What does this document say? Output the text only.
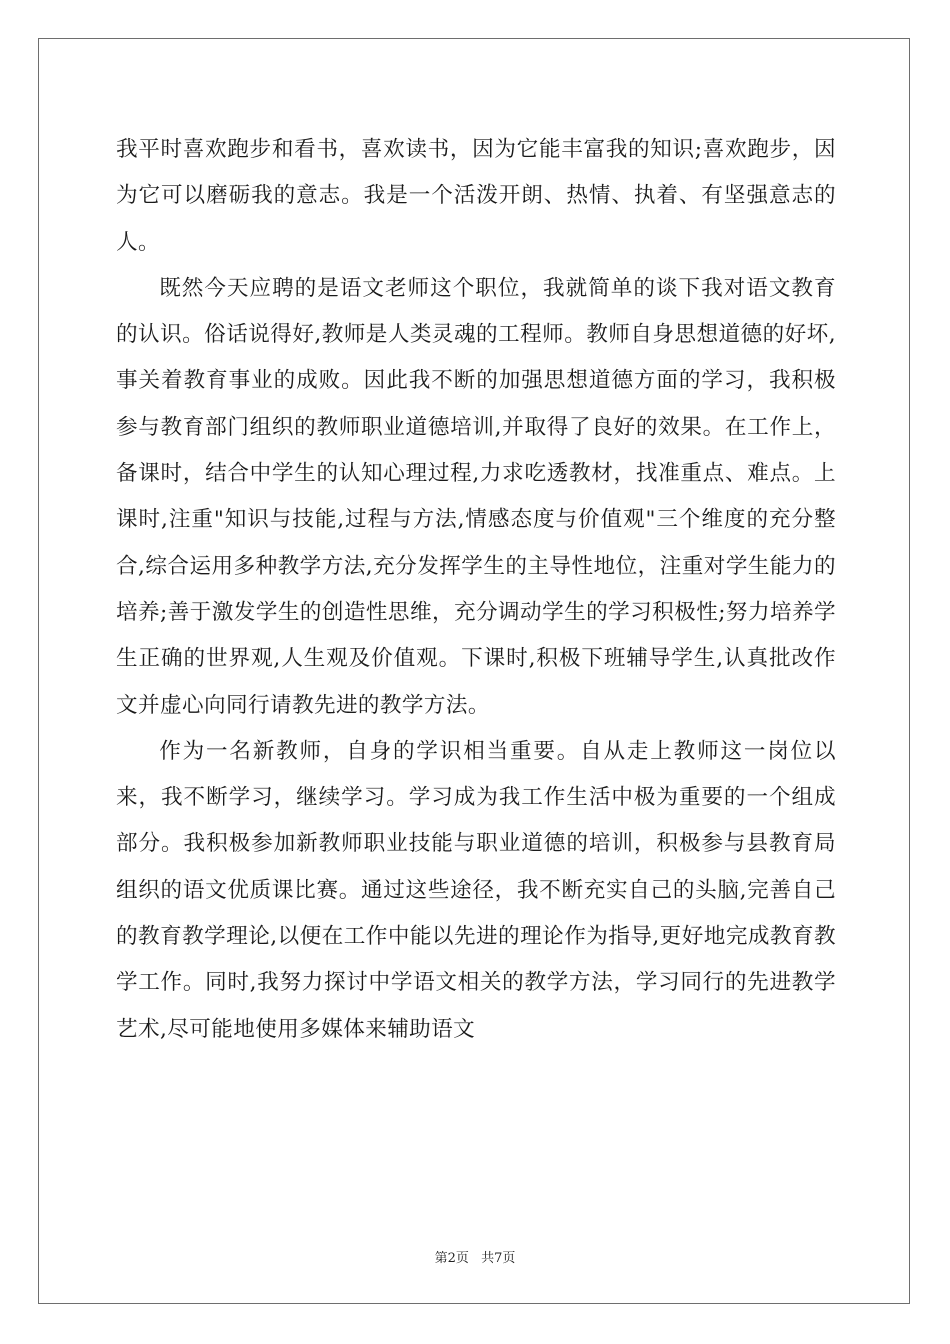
我平时喜欢跑步和看书，喜欢读书，因为它能丰富我的知识;喜欢跑步，因为它可以磨砺我的意志。我是一个活泼开朗、热情、执着、有坚强意志的人。

既然今天应聘的是语文老师这个职位，我就简单的谈下我对语文教育的认识。俗话说得好,教师是人类灵魂的工程师。教师自身思想道德的好坏,事关着教育事业的成败。因此我不断的加强思想道德方面的学习，我积极参与教育部门组织的教师职业道德培训,并取得了良好的效果。在工作上，备课时，结合中学生的认知心理过程,力求吃透教材，找准重点、难点。上课时,注重"知识与技能,过程与方法,情感态度与价值观"三个维度的充分整合,综合运用多种教学方法,充分发挥学生的主导性地位，注重对学生能力的培养;善于激发学生的创造性思维，充分调动学生的学习积极性;努力培养学生正确的世界观,人生观及价值观。下课时,积极下班辅导学生,认真批改作文并虚心向同行请教先进的教学方法。

作为一名新教师，自身的学识相当重要。自从走上教师这一岗位以来，我不断学习，继续学习。学习成为我工作生活中极为重要的一个组成部分。我积极参加新教师职业技能与职业道德的培训，积极参与县教育局组织的语文优质课比赛。通过这些途径，我不断充实自己的头脑,完善自己的教育教学理论,以便在工作中能以先进的理论作为指导,更好地完成教育教学工作。同时,我努力探讨中学语文相关的教学方法，学习同行的先进教学艺术,尽可能地使用多媒体来辅助语文

第2页 共7页
